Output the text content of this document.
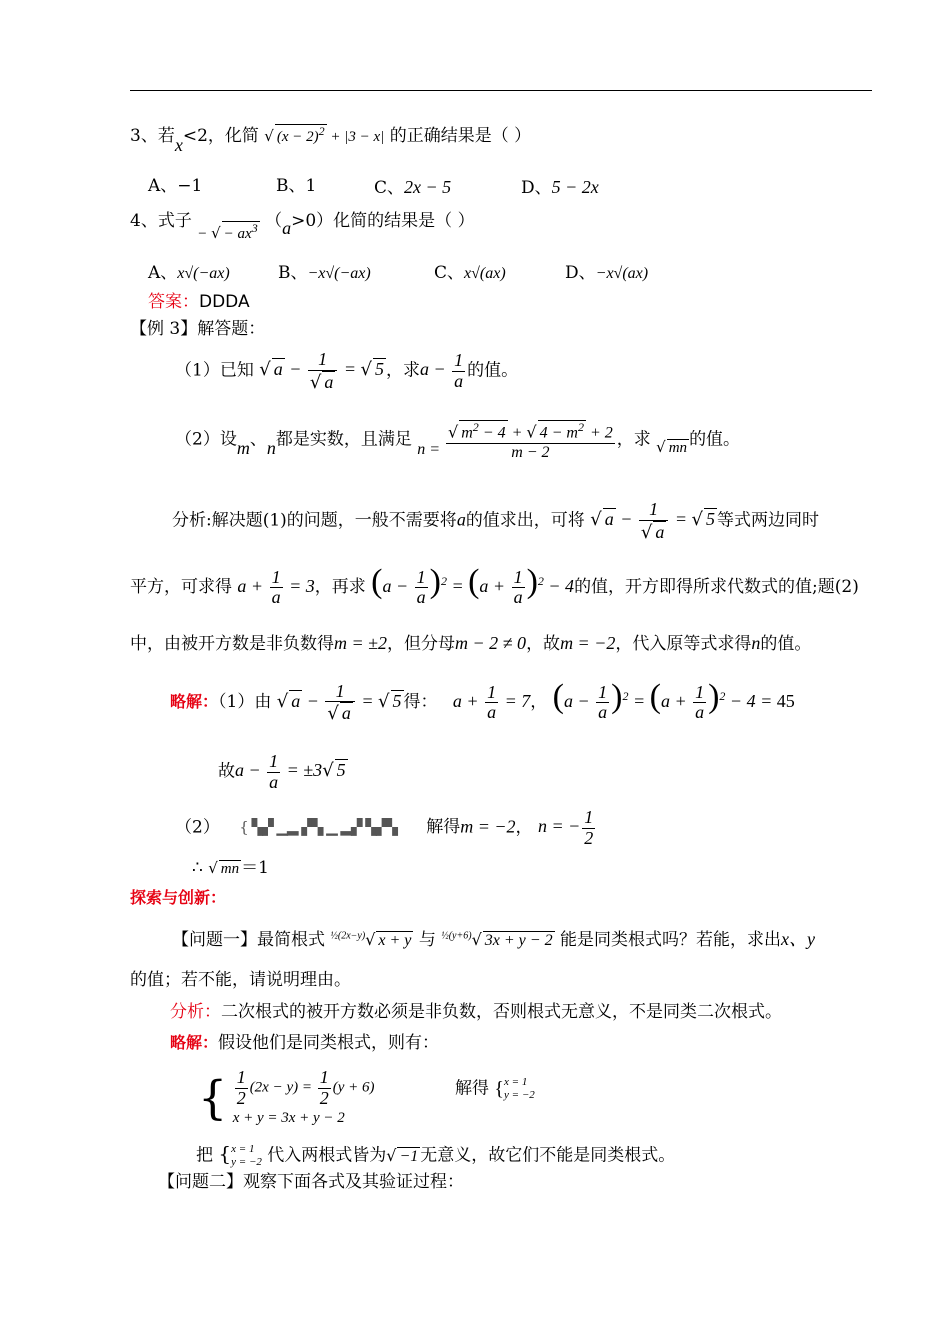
3、若x<2，化简 √ $(x - 2)^2 + |3 - x|$ 的正确结果是（ ）
A、−1	B、1	C、2x − 5	D、5 − 2x
4、式子 − √ − $ax^3$ （a>0）化简的结果是（ ）
A、x√(−ax)	B、−x√(−ax)	C、x√(ax)	D、−x√(ax)
答案：DDDA
【例 3】解答题：
（1）已知 √ $a - \frac{1}{√ a}$ = √ 5 ，求$a - \frac{1}{a}$ 的值。
（2）设m、n都是实数，且满足 $n = \frac{√ m^2 - 4 + √ 4 - m^2 + 2}{m - 2}$ ，求 √ mn 的值。
分析:解决题(1)的问题，一般不需要将a的值求出，可将 √ $a - \frac{1}{√ a}$ = √ 5 等式两边同时
平方，可求得 $a + \frac{1}{a} = 3$，再求 $(a - \frac{1}{a} )^2 = (a + \frac{1}{a} )^2 - 4$的值，开方即得所求代数式的值;题(2)
中，由被开方数是非负数得m = ±2，但分母m − 2 ≠ 0，故m = −2，代入原等式求得n的值。
略解：（1）由 √ $a - \frac{1}{√ a}$ = √ 5 得： $a + \frac{1}{a} = 7$， $(a - \frac{1}{a} )^2 = (a + \frac{1}{a} )^2 - 4 = 45$
故$a - \frac{1}{a} = \pm 3√$ 5
（2） { ▚▞ ▁▂ ▞▚ ▁ ▂▞ ▚▞▚ 解得m = −2， n = − $\frac{1}{2}$
∴ √ mn ＝1
探索与创新：
【问题一】最简根式 $^{\frac{1}{2}(2x-y)}$√ x + y 与 $^{\frac{1}{2}(y+6)}$√ 3x + y − 2 能是同类根式吗？若能，求出x、y
的值；若不能，请说明理由。
分析：二次根式的被开方数必须是非负数，否则根式无意义，不是同类二次根式。
略解：假设他们是同类根式，则有：
{ $\frac{1}{2} (2x - y) = \frac{1}{2} (y + 6)$
x + y = 3x + y − 2
解得 { x = 1
y = −2
把 { x = 1
y = −2 代入两根式皆为√ −1 无意义，故它们不能是同类根式。
【问题二】观察下面各式及其验证过程：
